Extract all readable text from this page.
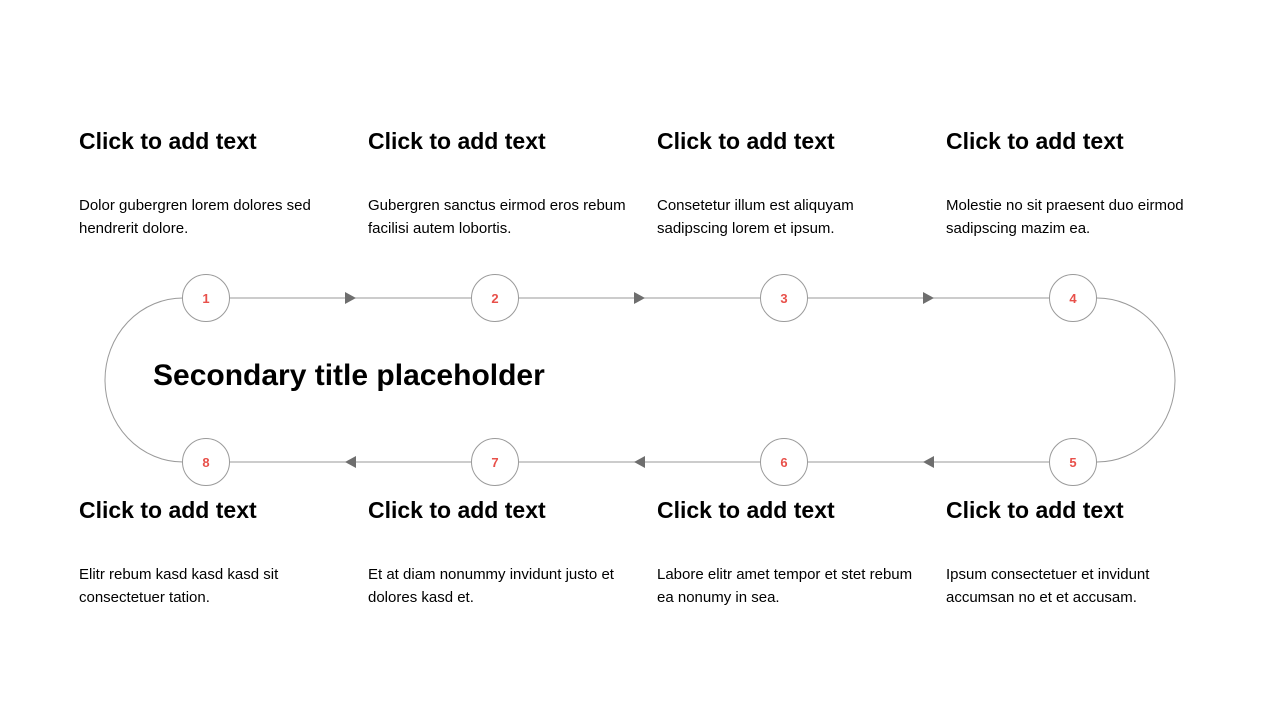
Click to add text

Dolor gubergren lorem dolores sed hendrerit dolore.

1
Click to add text

Gubergren sanctus eirmod eros rebum facilisi autem lobortis.

2
Click to add text

Consetetur illum est aliquyam sadipscing lorem et ipsum.

3
Click to add text

Molestie no sit praesent duo eirmod sadipscing mazim ea.

4
Secondary title placeholder
8
Click to add text

Elitr rebum kasd kasd kasd sit consectetuer tation.

7
Click to add text

Et at diam nonummy invidunt justo et dolores kasd et.

6
Click to add text

Labore elitr amet tempor et stet rebum ea nonumy in sea.

5
Click to add text

Ipsum consectetuer et invidunt accumsan no et et accusam.
